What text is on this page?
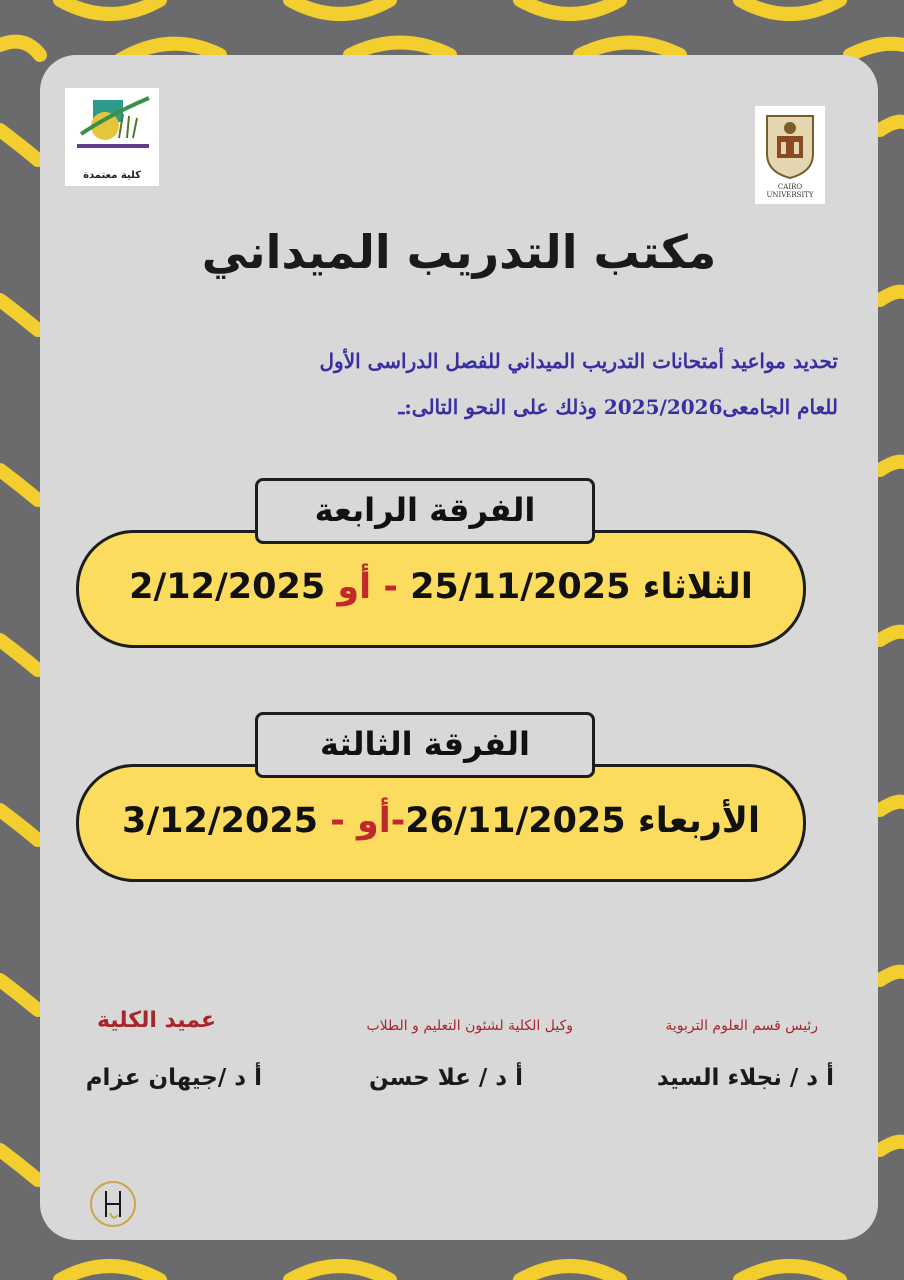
كلية معتمدة
CAIRO UNIVERSITY
مكتب التدريب الميداني
تحديد مواعيد أمتحانات التدريب الميداني للفصل الدراسى الأول
للعام الجامعى2025/2026 وذلك على النحو التالى:ـ
الثلاثاء 25/11/2025 - أو 2/12/2025
الفرقة الرابعة
الأربعاء 26/11/2025-أو - 3/12/2025
الفرقة الثالثة
رئيس قسم العلوم التربوية
أ د / نجلاء السيد
وكيل الكلية لشئون التعليم و الطلاب
أ د / علا حسن
عميد الكلية
أ د /جيهان عزام
